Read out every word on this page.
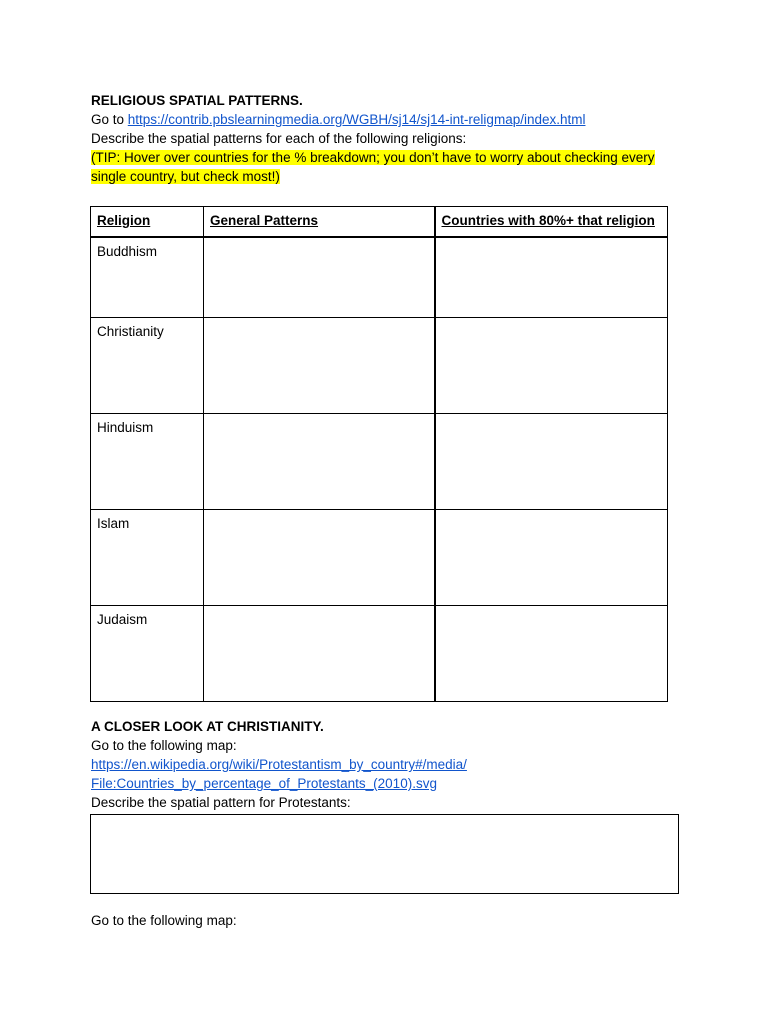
RELIGIOUS SPATIAL PATTERNS.
Go to https://contrib.pbslearningmedia.org/WGBH/sj14/sj14-int-religmap/index.html
Describe the spatial patterns for each of the following religions:
(TIP: Hover over countries for the % breakdown; you don’t have to worry about checking every
single country, but check most!)
Religion	General Patterns	Countries with 80%+ that religion
Buddhism		
Christianity		
Hinduism		
Islam		
Judaism		
A CLOSER LOOK AT CHRISTIANITY.
Go to the following map:
https://en.wikipedia.org/wiki/Protestantism_by_country#/media/
File:Countries_by_percentage_of_Protestants_(2010).svg
Describe the spatial pattern for Protestants:
Go to the following map:
